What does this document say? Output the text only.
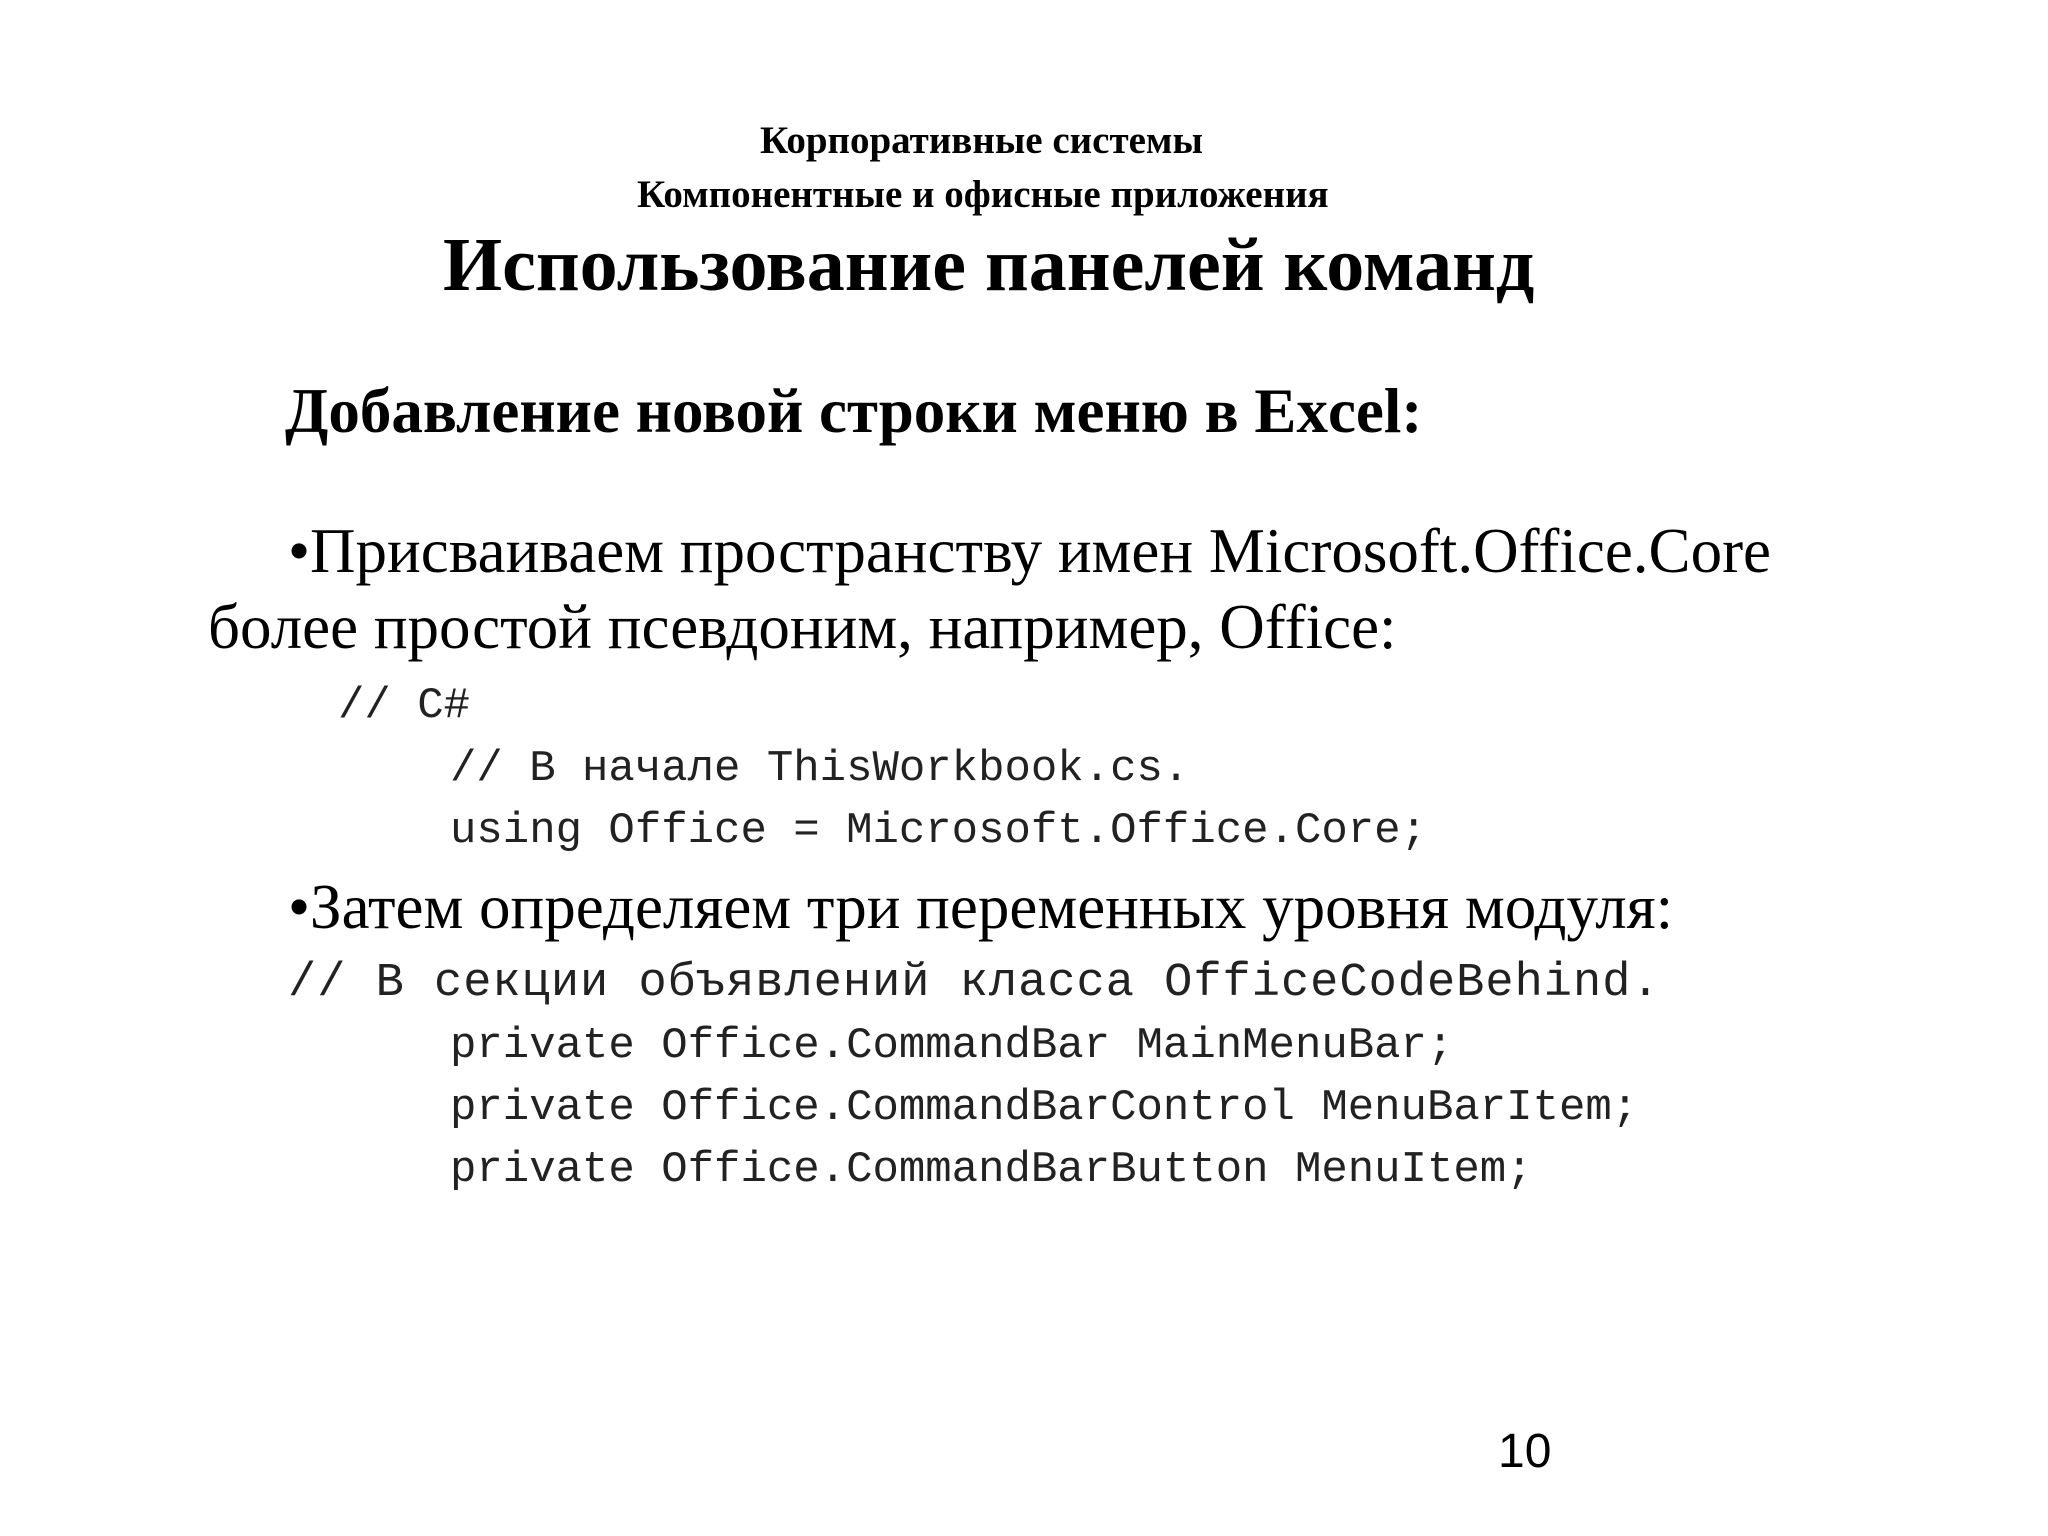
Корпоративные системы
Компонентные и офисные приложения
Использование панелей команд
Добавление новой строки меню в Excel:
•Присваиваем пространству имен Microsoft.Office.Core
более простой псевдоним, например, Office:
// C#
// В начале ThisWorkbook.cs.
using Office = Microsoft.Office.Core;
•Затем определяем три переменных уровня модуля:
// В секции объявлений класса OfficeCodeBehind.
private Office.CommandBar MainMenuBar;
private Office.CommandBarControl MenuBarItem;
private Office.CommandBarButton MenuItem;
10
